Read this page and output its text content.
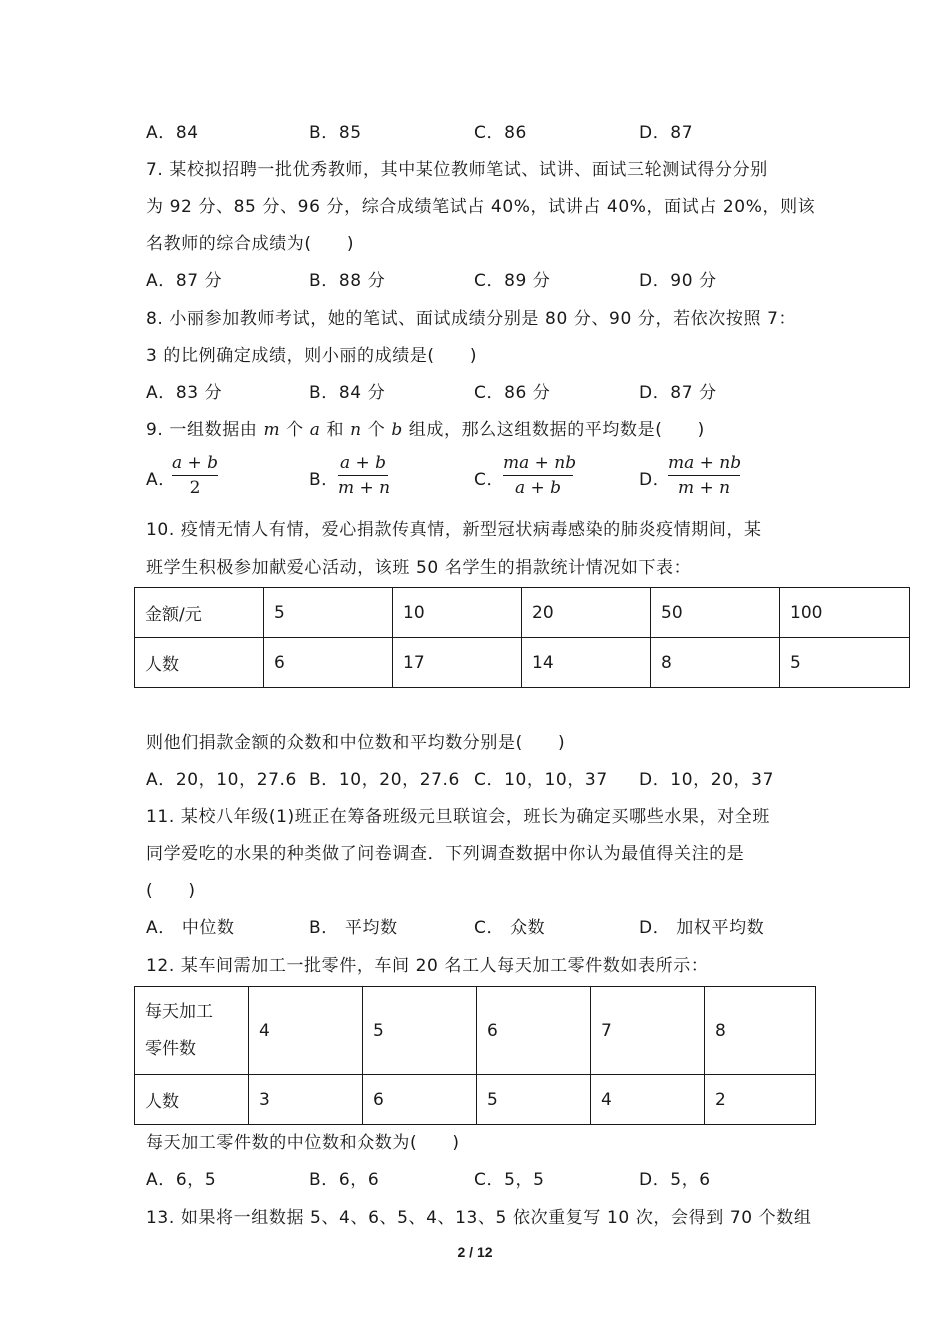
A．84	B．85	C．86	D．87
7. 某校拟招聘一批优秀教师，其中某位教师笔试、试讲、面试三轮测试得分分别
为 92 分、85 分、96 分，综合成绩笔试占 40%，试讲占 40%，面试占 20%，则该
名教师的综合成绩为(　　)
A．87 分	B．88 分	C．89 分	D．90 分
8. 小丽参加教师考试，她的笔试、面试成绩分别是 80 分、90 分，若依次按照 7：
3 的比例确定成绩，则小丽的成绩是(　　)
A．83 分	B．84 分	C．86 分	D．87 分
9. 一组数据由 m 个 a 和 n 个 b 组成，那么这组数据的平均数是(　　)
A．
a + b
2	B．
a + b
m + n	C．
ma + nb
a + b	D．
ma + nb
m + n
10. 疫情无情人有情，爱心捐款传真情，新型冠状病毒感染的肺炎疫情期间，某
班学生积极参加献爱心活动，该班 50 名学生的捐款统计情况如下表：
金额/元	5	10	20	50	100
人数	6	17	14	8	5
则他们捐款金额的众数和中位数和平均数分别是(　　)
A．20，10，27.6 B．10，20，27.6 C．10，10，37 D．10，20，37
11. 某校八年级(1)班正在筹备班级元旦联谊会，班长为确定买哪些水果，对全班
同学爱吃的水果的种类做了问卷调查．下列调查数据中你认为最值得关注的是
(　　)
A． 中位数	B． 平均数	C． 众数	D． 加权平均数
12. 某车间需加工一批零件，车间 20 名工人每天加工零件数如表所示：
每天加工
零件数	4	5	6	7	8
人数	3	6	5	4	2
每天加工零件数的中位数和众数为(　　)
A．6，5	B．6，6	C．5，5	D．5，6
13. 如果将一组数据 5、4、6、5、4、13、5 依次重复写 10 次，会得到 70 个数组
2 / 12
